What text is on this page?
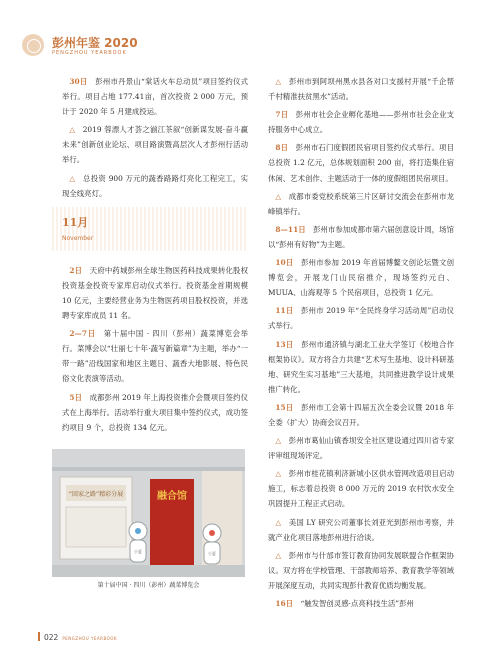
彭州年鉴 2020
PENGZHOU YEARBOOK

30日  彭州市丹景山“棠话火车总动员”项目签约仪式举行。项目占地 177.41亩，首次投资 2 000 万元，预计于 2020 年 5 月建成投运。

△  2019 蓉漂人才荟之湔江茶叙“创新谋发展·奋斗赢未来”创新创业论坛、项目路演暨高层次人才彭州行活动举行。

△  总投资 900 万元的蔬香路路灯亮化工程完工，实现全线亮灯。

11月
November

2日  天府中药城彭州全球生物医药科技成果转化股权投资基金投资专家库启动仪式举行。投资基金首期规模 10 亿元，主要经营业务为生物医药项目股权投资，并选聘专家库成员 11 名。

2—7日  第十届中国 · 四川（彭州）蔬菜博览会举行。菜博会以“壮丽七十年·蔬写新篇章”为主题，举办“一带一路”沿线国家和地区主题日、蔬香大地影展、特色民俗文化表演等活动。

5日  成都彭州 2019 年上海投资推介会暨项目签约仪式在上海举行。活动举行重大项目集中签约仪式，成功签约项目 9 个，总投资 134 亿元。

△  彭州市到阿坝州黑水县各对口支援村开展“千企帮千村精准扶贫黑水”活动。

7日  彭州市社会企业孵化基地——彭州市社会企业支持服务中心成立。

8日  彭州市石门度假团民宿项目签约仪式举行。项目总投资 1.2 亿元，总体规划面积 200 亩，将打造集住宿休闲、艺术创作、主题活动于一体的度假组团民宿项目。

△  成都市委党校系统第三片区研讨交流会在彭州市龙峰镇举行。

8—11日  彭州市参加成都市第六届创意设计周，场馆以“彭州有好物”为主题。

10日  彭州市参加 2019 年首届博鳌文创论坛暨文创博览会，开展龙门山民宿推介，现场签约元白、MUUA、山海观等 5 个民宿项目，总投资 1 亿元。

11日  彭州市 2019 年“全民终身学习活动周”启动仪式举行。

13日  彭州市通济镇与湖北工业大学签订《校地合作框架协议》。双方将合力共建“艺术写生基地、设计科研基地、研究生实习基地”三大基地，共同推进教学设计成果推广转化。

15日  彭州市工会第十四届五次全委会议暨 2018 年全委（扩大）协商会议召开。

△  彭州市葛仙山镇香坝安全社区建设通过四川省专家评审组现场评定。

△  彭州市桂花镇利济新城小区供水管网改造项目启动施工，标志着总投资 8 000 万元的 2019 农村饮水安全巩固提升工程正式启动。

△  美国 LY 研究公司董事长刘亚光到彭州市考察，并就产业化项目落地彭州进行洽谈。

△  彭州市与什邡市签订教育协同发展联盟合作框架协议。双方将在学校管理、干部教师培养、教育教学等领域开展深度互动，共同实现彭什教育优质均衡发展。

16日  “触发智创灵感·点亮科技生活”彭州

“回家之路”精彩分展	融合馆
小夏	小夏
第十届中国 · 四川（彭州）蔬菜博览会
022 PENGZHOU YEARBOOK
